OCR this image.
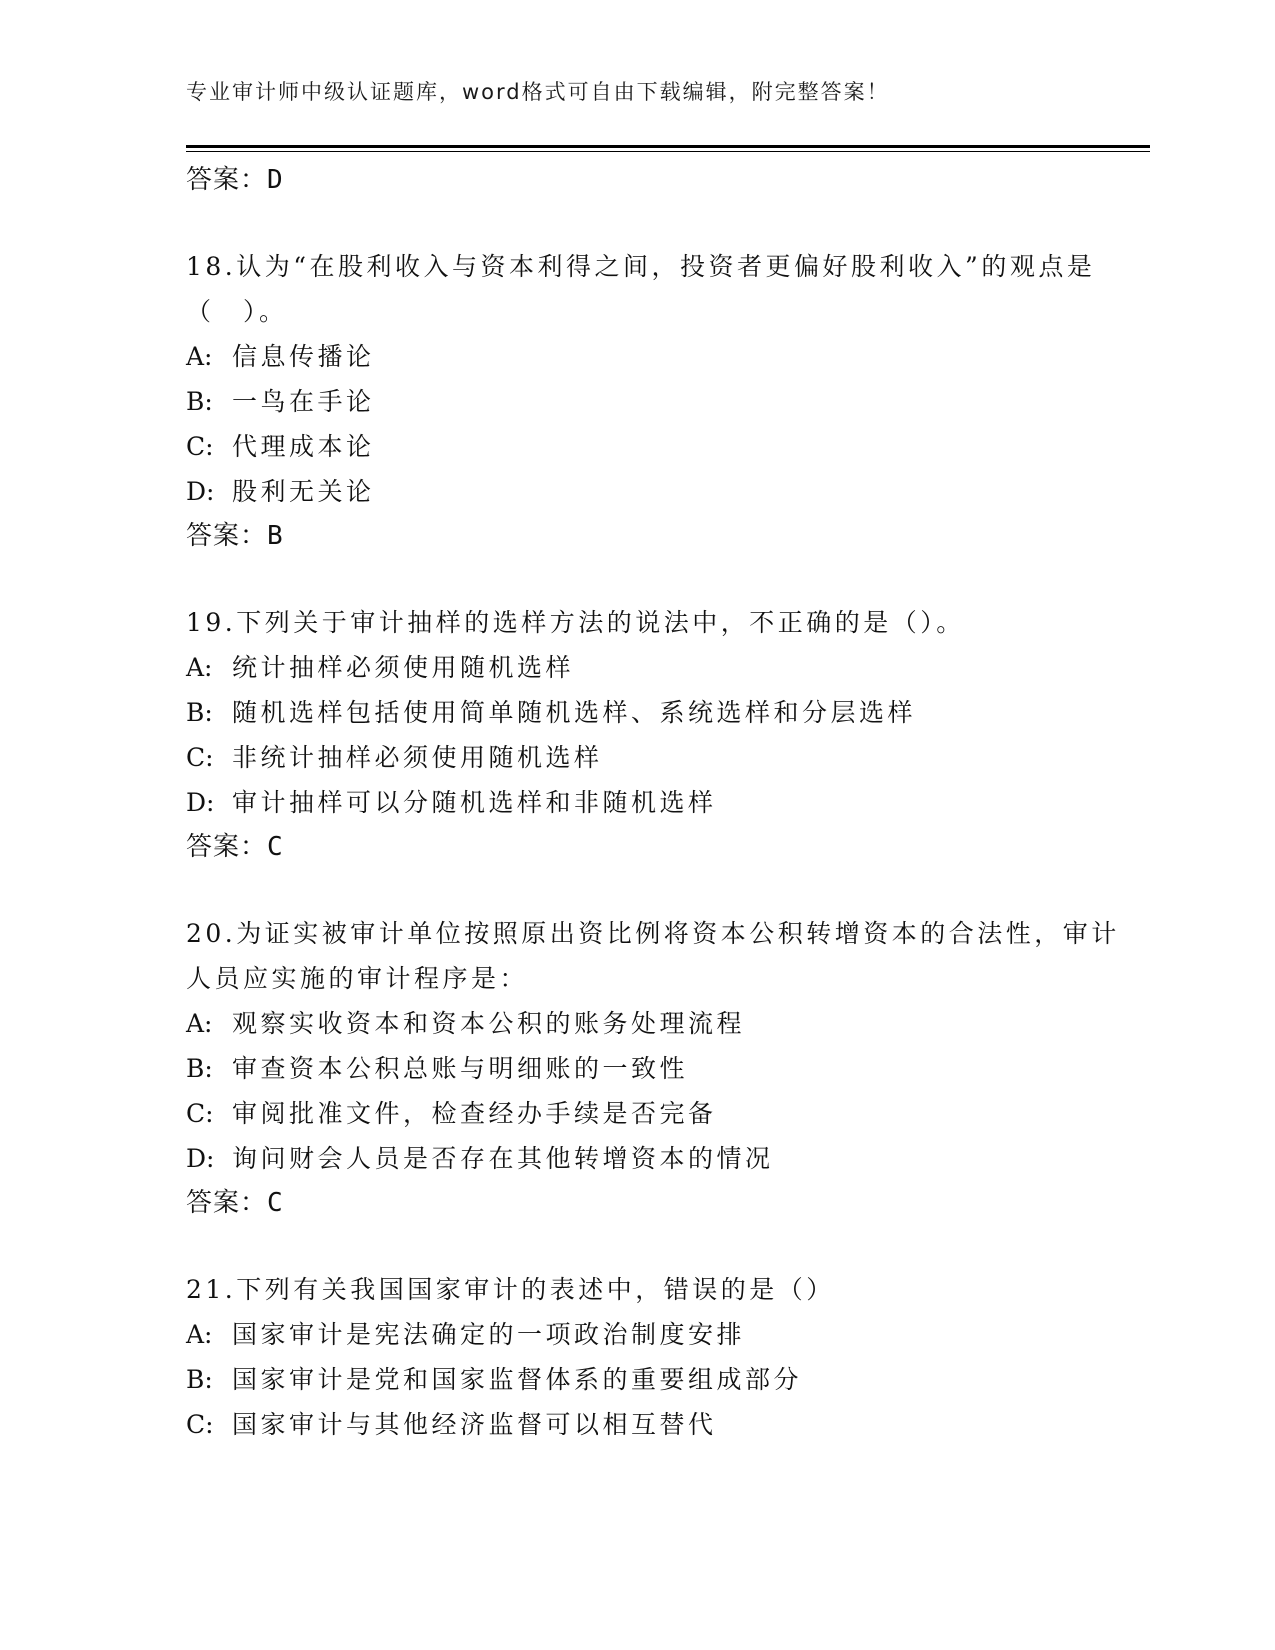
专业审计师中级认证题库，word格式可自由下载编辑，附完整答案！
答案：D
18.认为“在股利收入与资本利得之间，投资者更偏好股利收入”的观点是（　）。
A: 信息传播论
B: 一鸟在手论
C: 代理成本论
D: 股利无关论
答案：B
19.下列关于审计抽样的选样方法的说法中，不正确的是（）。
A: 统计抽样必须使用随机选样
B: 随机选样包括使用简单随机选样、系统选样和分层选样
C: 非统计抽样必须使用随机选样
D: 审计抽样可以分随机选样和非随机选样
答案：C
20.为证实被审计单位按照原出资比例将资本公积转增资本的合法性，审计人员应实施的审计程序是：
A: 观察实收资本和资本公积的账务处理流程
B: 审查资本公积总账与明细账的一致性
C: 审阅批准文件，检查经办手续是否完备
D: 询问财会人员是否存在其他转增资本的情况
答案：C
21.下列有关我国国家审计的表述中，错误的是（）
A: 国家审计是宪法确定的一项政治制度安排
B: 国家审计是党和国家监督体系的重要组成部分
C: 国家审计与其他经济监督可以相互替代
